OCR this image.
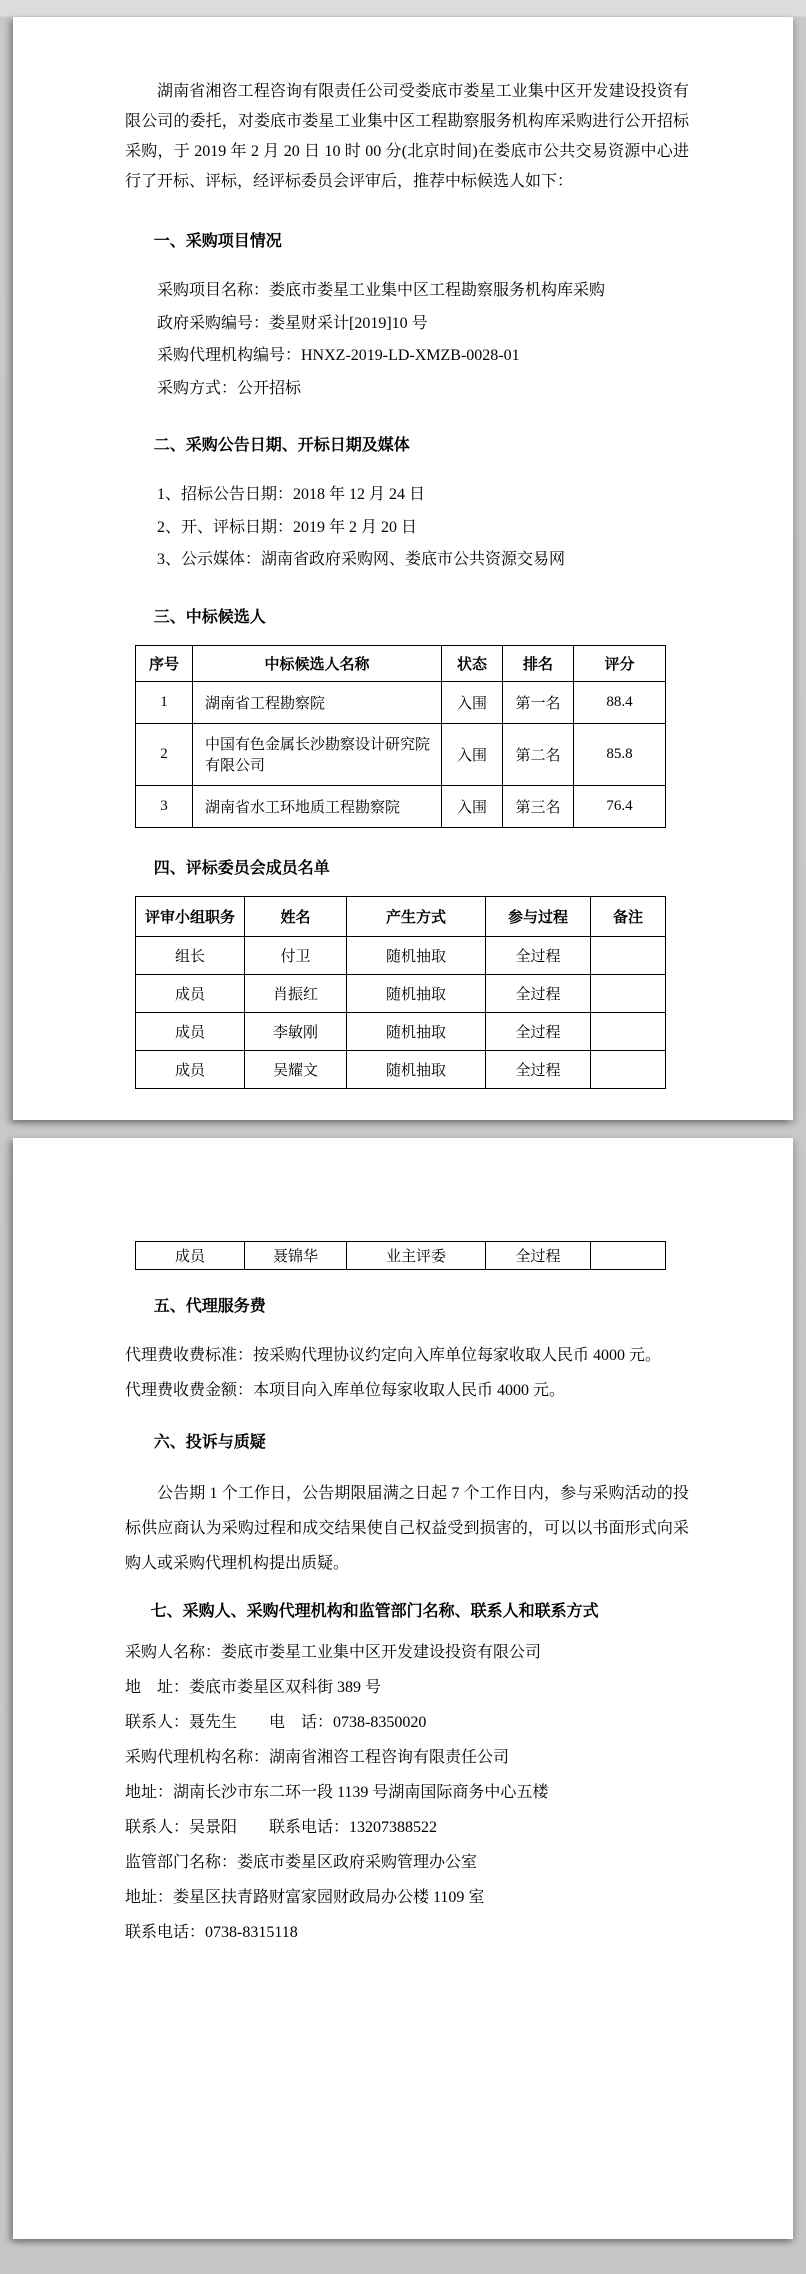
湖南省湘咨工程咨询有限责任公司受娄底市娄星工业集中区开发建设投资有限公司的委托，对娄底市娄星工业集中区工程勘察服务机构库采购进行公开招标采购，于 2019 年 2 月 20 日 10 时 00 分(北京时间)在娄底市公共交易资源中心进行了开标、评标，经评标委员会评审后，推荐中标候选人如下：
一、采购项目情况
采购项目名称：娄底市娄星工业集中区工程勘察服务机构库采购
政府采购编号：娄星财采计[2019]10 号
采购代理机构编号：HNXZ-2019-LD-XMZB-0028-01
采购方式：公开招标
二、采购公告日期、开标日期及媒体
1、招标公告日期：2018 年 12 月 24 日
2、开、评标日期：2019 年 2 月 20 日
3、公示媒体：湖南省政府采购网、娄底市公共资源交易网
三、中标候选人
序号	中标候选人名称	状态	排名	评分
1	湖南省工程勘察院	入围	第一名	88.4
2	中国有色金属长沙勘察设计研究院有限公司	入围	第二名	85.8
3	湖南省水工环地质工程勘察院	入围	第三名	76.4
四、评标委员会成员名单
评审小组职务	姓名	产生方式	参与过程	备注
组长	付卫	随机抽取	全过程	
成员	肖振红	随机抽取	全过程	
成员	李敏刚	随机抽取	全过程	
成员	吴耀文	随机抽取	全过程	
成员	聂锦华	业主评委	全过程	
五、代理服务费
代理费收费标准：按采购代理协议约定向入库单位每家收取人民币 4000 元。
代理费收费金额：本项目向入库单位每家收取人民币 4000 元。
六、投诉与质疑
公告期 1 个工作日，公告期限届满之日起 7 个工作日内，参与采购活动的投标供应商认为采购过程和成交结果使自己权益受到损害的，可以以书面形式向采购人或采购代理机构提出质疑。
七、采购人、采购代理机构和监管部门名称、联系人和联系方式
采购人名称：娄底市娄星工业集中区开发建设投资有限公司
地　址：娄底市娄星区双科街 389 号
联系人：聂先生　　电　话：0738-8350020
采购代理机构名称：湖南省湘咨工程咨询有限责任公司
地址：湖南长沙市东二环一段 1139 号湖南国际商务中心五楼
联系人：吴景阳　　联系电话：13207388522
监管部门名称：娄底市娄星区政府采购管理办公室
地址：娄星区扶青路财富家园财政局办公楼 1109 室
联系电话：0738-8315118
